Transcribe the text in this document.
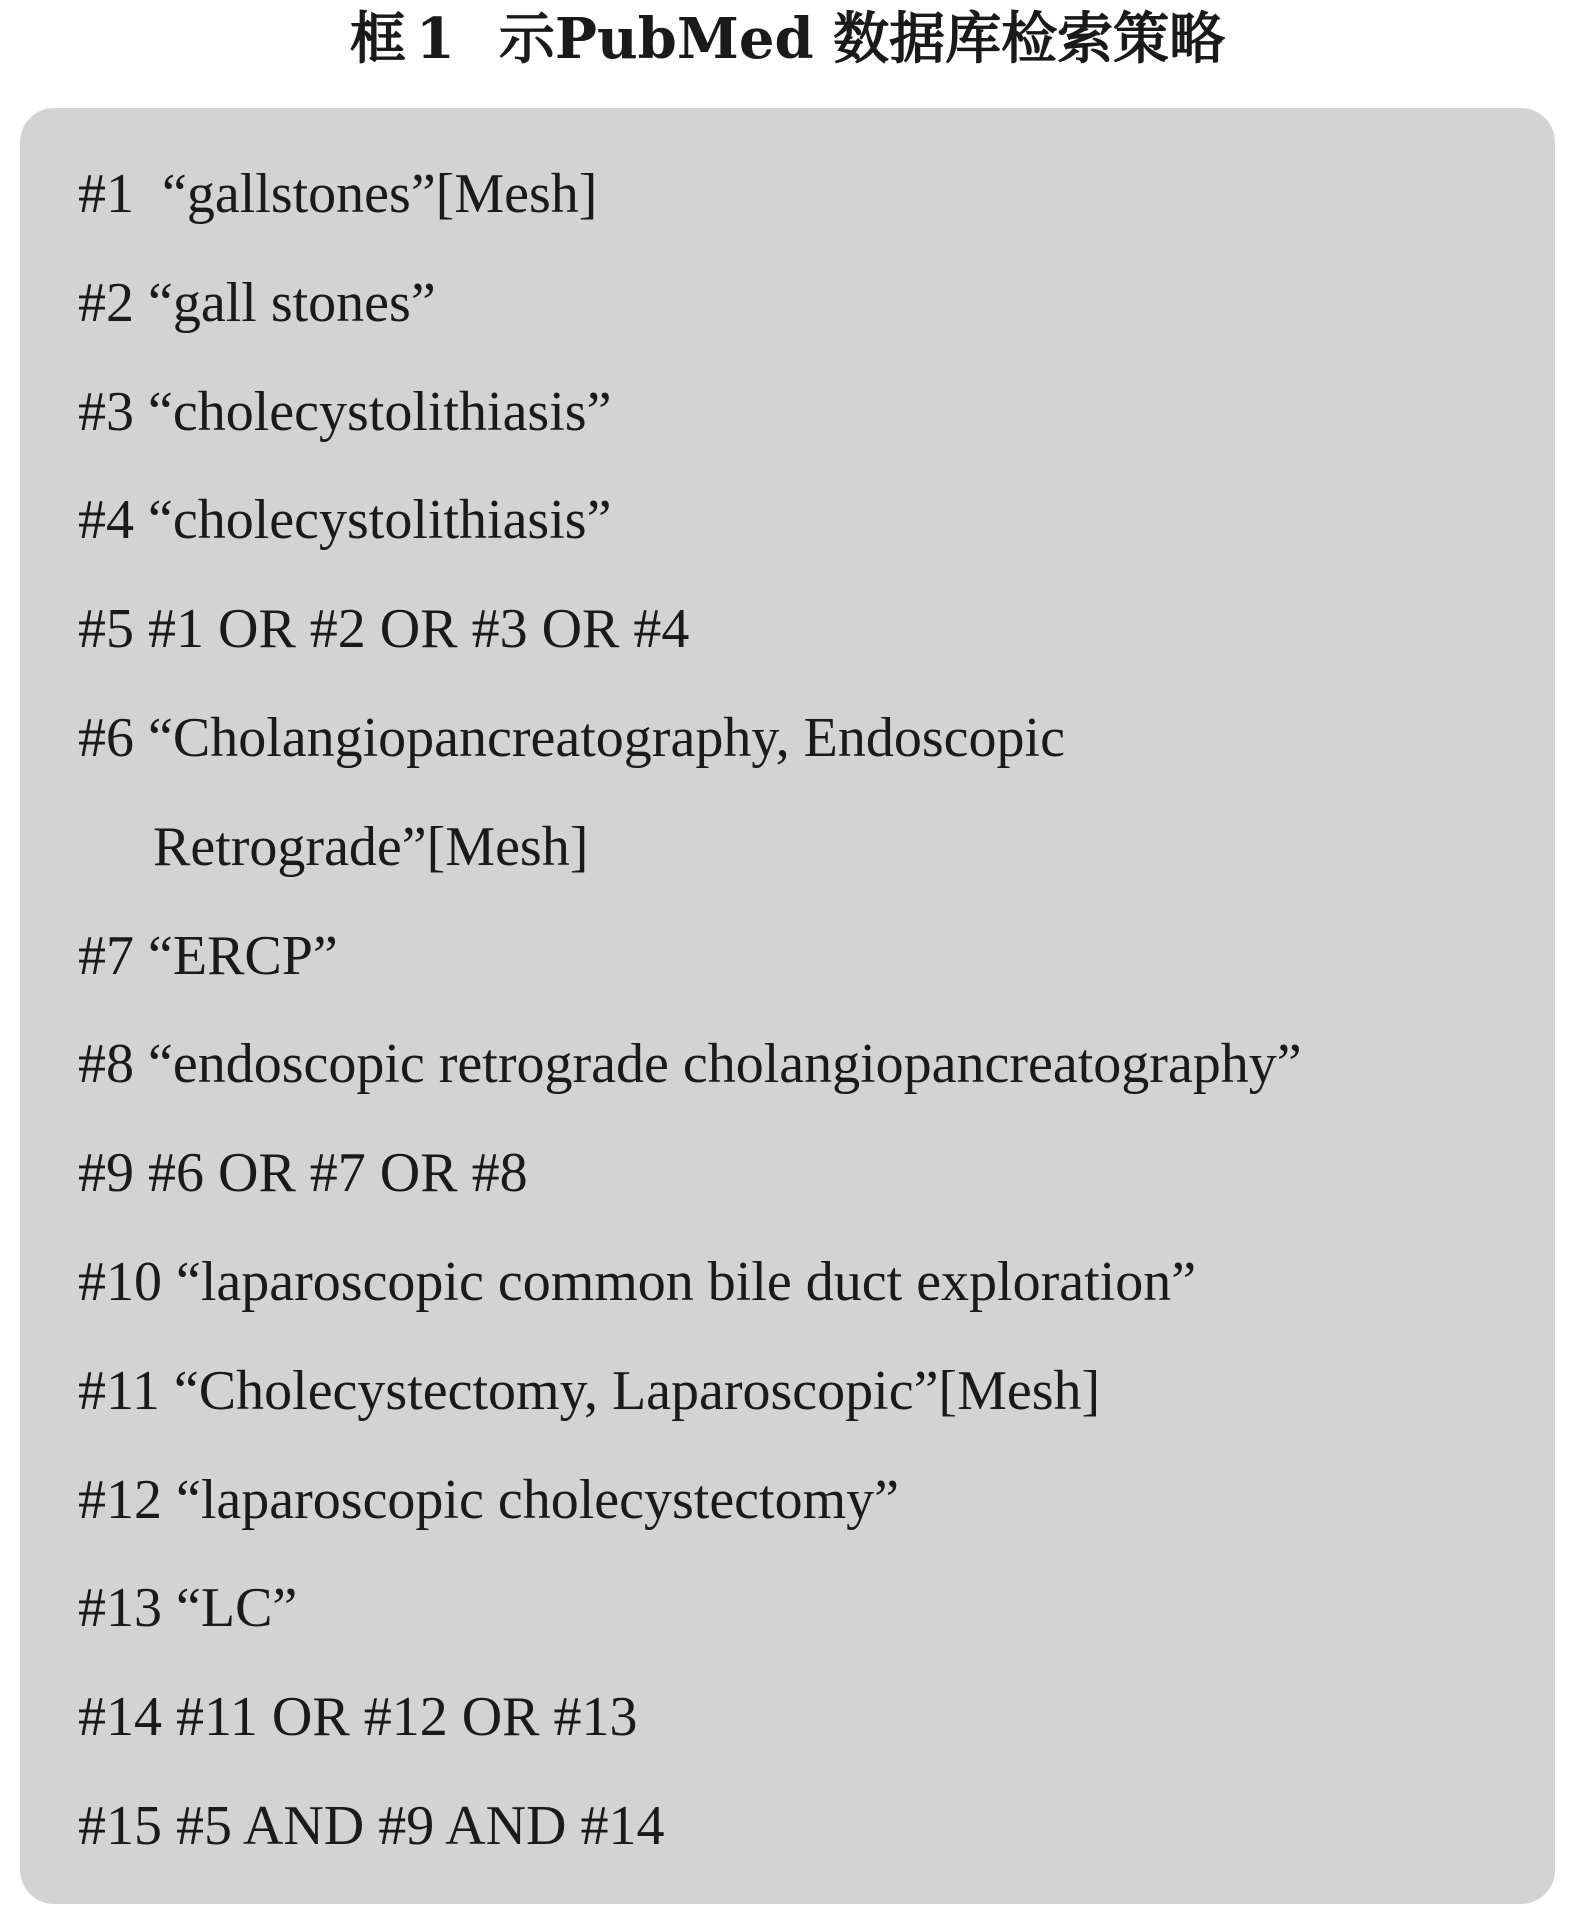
框 1 示PubMed 数据库检索策略
#1 “gallstones”[Mesh]
#2 “gall stones”
#3 “cholecystolithiasis”
#4 “cholecystolithiasis”
#5 #1 OR #2 OR #3 OR #4
#6 “Cholangiopancreatography, Endoscopic
Retrograde”[Mesh]
#7 “ERCP”
#8 “endoscopic retrograde cholangiopancreatography”
#9 #6 OR #7 OR #8
#10 “laparoscopic common bile duct exploration”
#11 “Cholecystectomy, Laparoscopic”[Mesh]
#12 “laparoscopic cholecystectomy”
#13 “LC”
#14 #11 OR #12 OR #13
#15 #5 AND #9 AND #14
